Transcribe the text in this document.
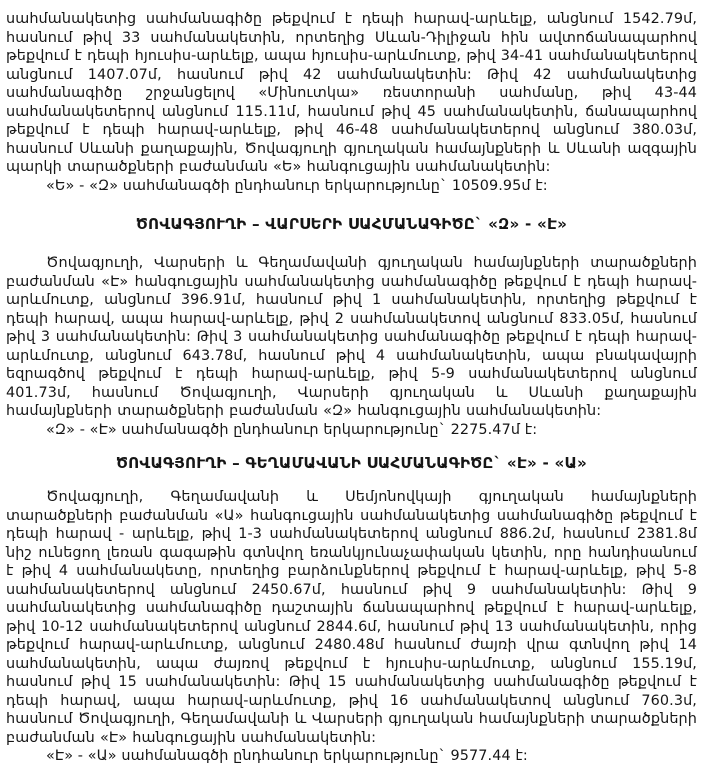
սահմանակետից սահմանագիծը թեքվում է դեպի հարավ-արևելք, անցնում 1542.79մ, հասնում թիվ 33 սահմանակետին, որտեղից Սևան-Դիլիջան հին ավտոճանապարհով թեքվում է դեպի հյուսիս-արևելք, ապա հյուսիս-արևմուտք, թիվ 34-41 սահմանակետերով անցնում 1407.07մ, հասնում թիվ 42 սահմանակետին: Թիվ 42 սահմանակետից սահմանագիծը շրջանցելով «Մինուտկա» ռեստորանի սահմանը, թիվ 43-44 սահմանակետերով անցնում 115.11մ, հասնում թիվ 45 սահմանակետին, ճանապարհով թեքվում է դեպի հարավ-արևելք, թիվ 46-48 սահմանակետերով անցնում 380.03մ, հասնում Սևանի քաղաքային, Ծովագյուղի գյուղական համայնքների և Սևանի ազգային պարկի տարածքների բաժանման «Ե» հանգուցային սահմանակետին:

«Ե» - «Զ» սահմանագծի ընդհանուր երկարությունը` 10509.95մ է:

ԾՈՎԱԳՅՈՒՂԻ – ՎԱՐՍԵՐԻ ՍԱՀՄԱՆԱԳԻԾԸ` «Զ» - «Է»

Ծովագյուղի, Վարսերի և Գեղամավանի գյուղական համայնքների տարածքների բաժանման «Է» հանգուցային սահմանակետից սահմանագիծը թեքվում է դեպի հարավ-արևմուտք, անցնում 396.91մ, հասնում թիվ 1 սահմանակետին, որտեղից թեքվում է դեպի հարավ, ապա հարավ-արևելք, թիվ 2 սահմանակետով անցնում 833.05մ, հասնում թիվ 3 սահմանակետին: Թիվ 3 սահմանակետից սահմանագիծը թեքվում է դեպի հարավ-արևմուտք, անցնում 643.78մ, հասնում թիվ 4 սահմանակետին, ապա բնակավայրի եզրագծով թեքվում է դեպի հարավ-արևելք, թիվ 5-9 սահմանակետերով անցնում 401.73մ, հասնում Ծովագյուղի, Վարսերի գյուղական և Սևանի քաղաքային համայնքների տարածքների բաժանման «Զ» հանգուցային սահմանակետին:

«Զ» - «Է» սահմանագծի ընդհանուր երկարությունը` 2275.47մ է:

ԾՈՎԱԳՅՈՒՂԻ – ԳԵՂԱՄԱՎԱՆԻ ՍԱՀՄԱՆԱԳԻԾԸ` «Է» - «Ա»

Ծովագյուղի, Գեղամավանի և Սեմյոնովկայի գյուղական համայնքների տարածքների բաժանման «Ա» հանգուցային սահմանակետից սահմանագիծը թեքվում է դեպի հարավ - արևելք, թիվ 1-3 սահմանակետերով անցնում 886.2մ, հասնում 2381.8մ նիշ ունեցող լեռան գագաթին գտնվող եռանկյունաչափական կետին, որը հանդիսանում է թիվ 4 սահմանակետը, որտեղից բարձունքներով թեքվում է հարավ-արևելք, թիվ 5-8 սահմանակետերով անցնում 2450.67մ, հասնում թիվ 9 սահմանակետին: Թիվ 9 սահմանակետից սահմանագիծը դաշտային ճանապարհով թեքվում է հարավ-արևելք, թիվ 10-12 սահմանակետերով անցնում 2844.6մ, հասնում թիվ 13 սահմանակետին, որից թեքվում հարավ-արևմուտք, անցնում 2480.48մ հասնում ժայռի վրա գտնվող թիվ 14 սահմանակետին, ապա ժայռով թեքվում է հյուսիս-արևմուտք, անցնում 155.19մ, հասնում թիվ 15 սահմանակետին: Թիվ 15 սահմանակետից սահմանագիծը թեքվում է դեպի հարավ, ապա հարավ-արևմուտք, թիվ 16 սահմանակետով անցնում 760.3մ, հասնում Ծովագյուղի, Գեղամավանի և Վարսերի գյուղական համայնքների տարածքների բաժանման «Է» հանգուցային սահմանակետին:

«Է» - «Ա» սահմանագծի ընդհանուր երկարությունը` 9577.44 է:
